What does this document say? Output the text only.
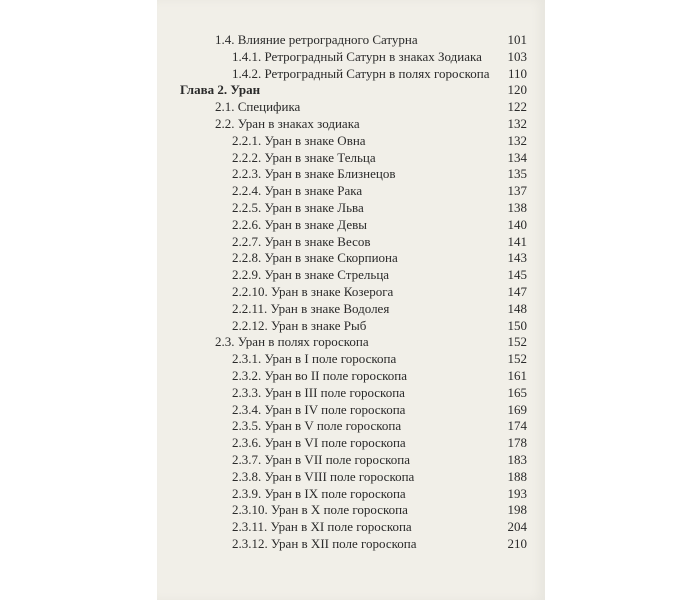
1.4. Влияние ретроградного Сатурна	101
1.4.1. Ретроградный Сатурн в знаках Зодиака 103
1.4.2. Ретроградный Сатурн в полях гороскопа 110
Глава 2. Уран	120
2.1. Специфика	122
2.2. Уран в знаках зодиака	132
2.2.1. Уран в знаке Овна	132
2.2.2. Уран в знаке Тельца	134
2.2.3. Уран в знаке Близнецов	135
2.2.4. Уран в знаке Рака	137
2.2.5. Уран в знаке Льва	138
2.2.6. Уран в знаке Девы	140
2.2.7. Уран в знаке Весов	141
2.2.8. Уран в знаке Скорпиона	143
2.2.9. Уран в знаке Стрельца	145
2.2.10. Уран в знаке Козерога	147
2.2.11. Уран в знаке Водолея	148
2.2.12. Уран в знаке Рыб	150
2.3. Уран в полях гороскопа	152
2.3.1. Уран в I поле гороскопа	152
2.3.2. Уран во II поле гороскопа	161
2.3.3. Уран в III поле гороскопа	165
2.3.4. Уран в IV поле гороскопа	169
2.3.5. Уран в V поле гороскопа	174
2.3.6. Уран в VI поле гороскопа	178
2.3.7. Уран в VII поле гороскопа	183
2.3.8. Уран в VIII поле гороскопа	188
2.3.9. Уран в IX поле гороскопа	193
2.3.10. Уран в X поле гороскопа	198
2.3.11. Уран в XI поле гороскопа	204
2.3.12. Уран в XII поле гороскопа	210
